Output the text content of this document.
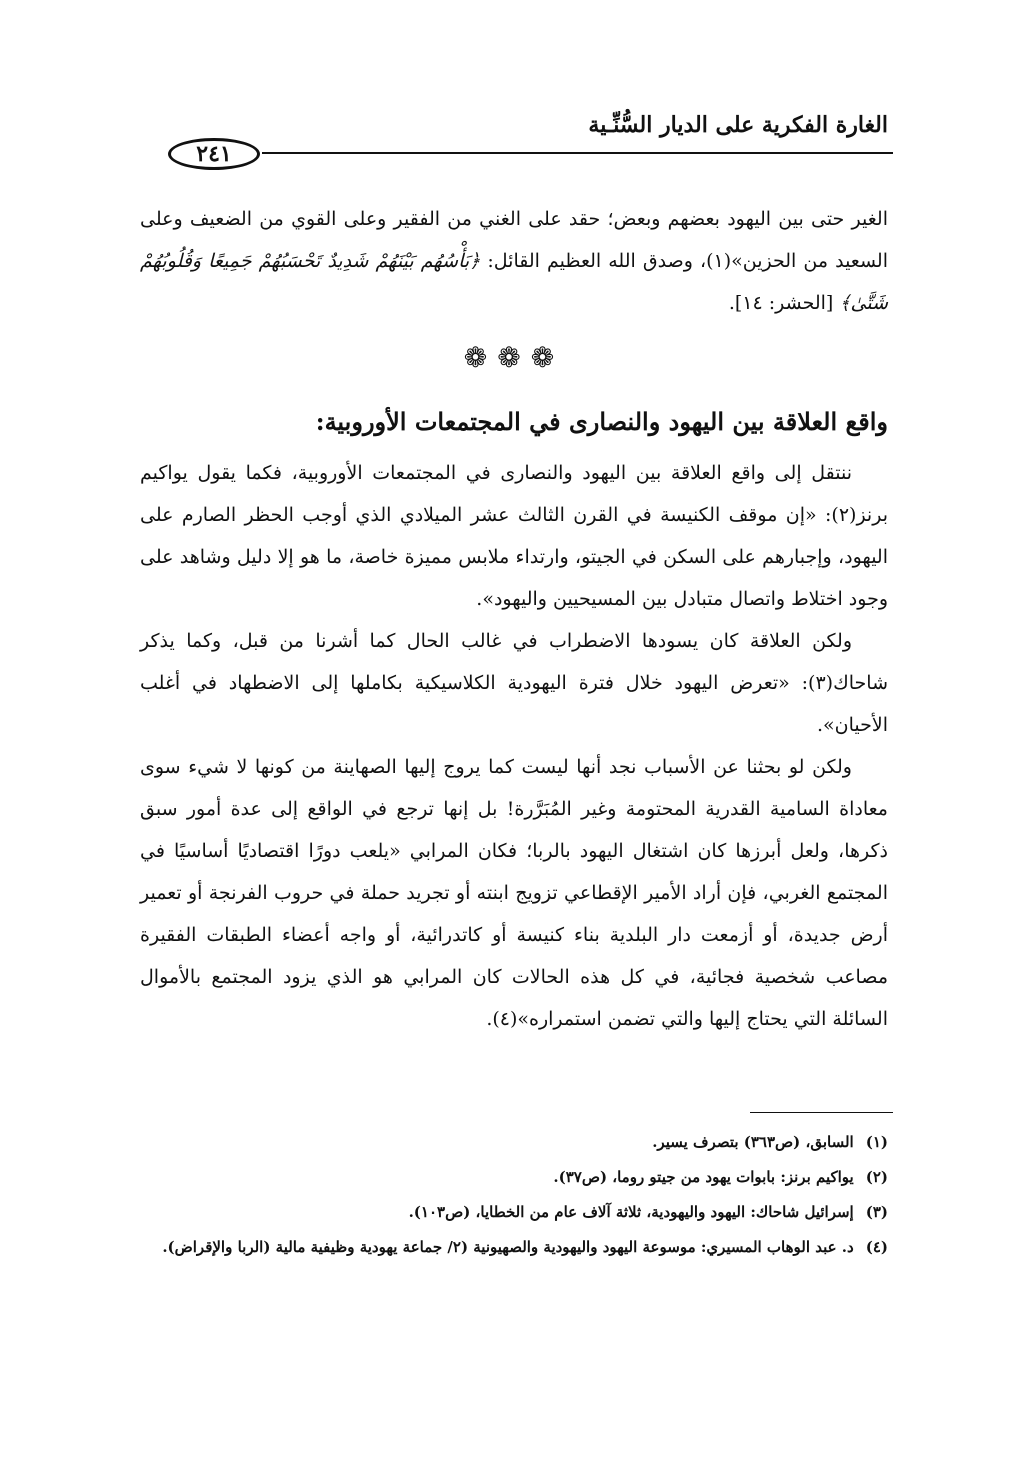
الغارة الفكرية على الديار السُّنِّـية
٢٤١

الغير حتى بين اليهود بعضهم وبعض؛ حقد على الغني من الفقير وعلى القوي من الضعيف وعلى السعيد من الحزين»(١)، وصدق الله العظيم القائل: ﴿بَأْسُهُم بَيْنَهُمْ شَدِيدٌ تَحْسَبُهُمْ جَمِيعًا وَقُلُوبُهُمْ شَتَّىٰ﴾ [الحشر: ١٤].

❁❁❁
واقع العلاقة بين اليهود والنصارى في المجتمعات الأوروبية:

ننتقل إلى واقع العلاقة بين اليهود والنصارى في المجتمعات الأوروبية، فكما يقول يواكيم برنز(٢): «إن موقف الكنيسة في القرن الثالث عشر الميلادي الذي أوجب الحظر الصارم على اليهود، وإجبارهم على السكن في الجيتو، وارتداء ملابس مميزة خاصة، ما هو إلا دليل وشاهد على وجود اختلاط واتصال متبادل بين المسيحيين واليهود».

ولكن العلاقة كان يسودها الاضطراب في غالب الحال كما أشرنا من قبل، وكما يذكر شاحاك(٣): «تعرض اليهود خلال فترة اليهودية الكلاسيكية بكاملها إلى الاضطهاد في أغلب الأحيان».

ولكن لو بحثنا عن الأسباب نجد أنها ليست كما يروج إليها الصهاينة من كونها لا شيء سوى معاداة السامية القدرية المحتومة وغير المُبَرَّرة! بل إنها ترجع في الواقع إلى عدة أمور سبق ذكرها، ولعل أبرزها كان اشتغال اليهود بالربا؛ فكان المرابي «يلعب دورًا اقتصاديًا أساسيًا في المجتمع الغربي، فإن أراد الأمير الإقطاعي تزويج ابنته أو تجريد حملة في حروب الفرنجة أو تعمير أرض جديدة، أو أزمعت دار البلدية بناء كنيسة أو كاتدرائية، أو واجه أعضاء الطبقات الفقيرة مصاعب شخصية فجائية، في كل هذه الحالات كان المرابي هو الذي يزود المجتمع بالأموال السائلة التي يحتاج إليها والتي تضمن استمراره»(٤).

(١)
السابق، (ص٣٦٣) بتصرف يسير.
(٢)
يواكيم برنز: بابوات يهود من جيتو روما، (ص٣٧).
(٣)
إسرائيل شاحاك: اليهود واليهودية، ثلاثة آلاف عام من الخطايا، (ص١٠٣).
(٤)
د. عبد الوهاب المسيري: موسوعة اليهود واليهودية والصهيونية (٢/ جماعة يهودية وظيفية مالية (الربا والإقراض).
